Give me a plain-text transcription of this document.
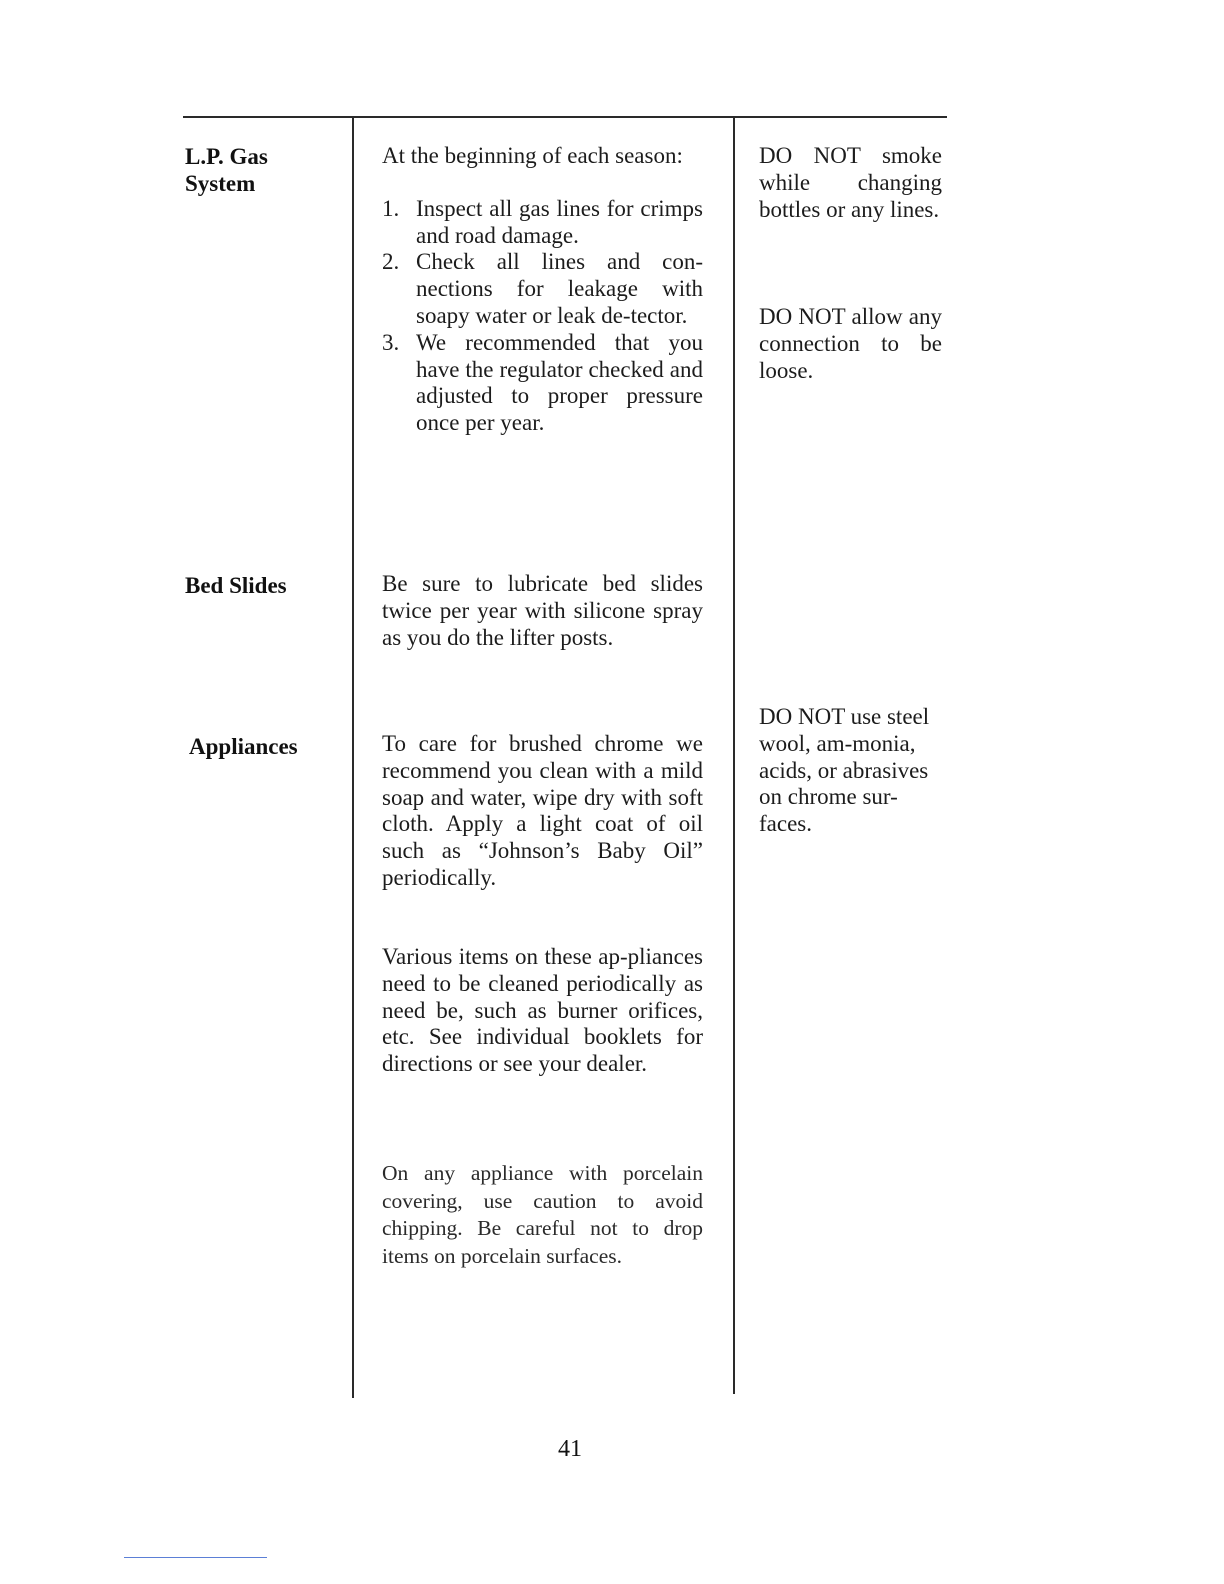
L.P. Gas
System
At the beginning of each season:
1. Inspect all gas lines for crimps and road damage.
2. Check all lines and con-nections for leakage with soapy water or leak de-tector.
3. We recommended that you have the regulator checked and adjusted to proper pressure once per year.
DO NOT smoke while changing bottles or any lines.
DO NOT allow any connection to be loose.
Bed Slides	Be sure to lubricate bed slides twice per year with silicone spray as you do the lifter posts.
Appliances	To care for brushed chrome we recommend you clean with a mild soap and water, wipe dry with soft cloth. Apply a light coat of oil such as “Johnson’s Baby Oil” periodically.
Various items on these ap-pliances need to be cleaned periodically as need be, such as burner orifices, etc. See individual booklets for directions or see your dealer.
On any appliance with porcelain covering, use caution to avoid chipping. Be careful not to drop items on porcelain surfaces.
DO NOT use steel wool, am-monia, acids, or abrasives on chrome sur-faces.
41
